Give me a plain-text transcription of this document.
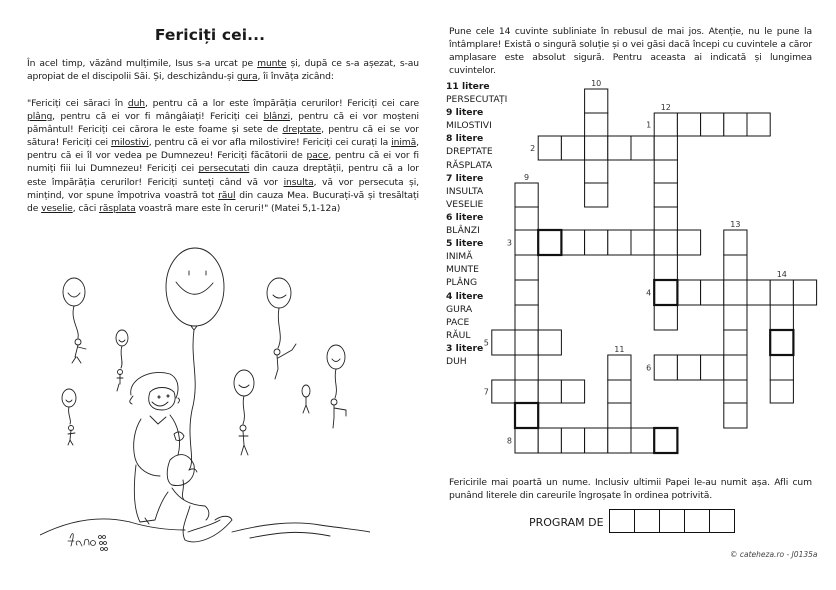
Fericiți cei...
În acel timp, văzând mulțimile, Isus s-a urcat pe munte și, după ce s-a așezat, s-au apropiat de el discipolii Săi. Și, deschizându-și gura, îi învăța zicând:
"Fericiți cei săraci în duh, pentru că a lor este împărăția cerurilor! Fericiți cei care plâng, pentru că ei vor fi mângâiați! Fericiți cei blânzi, pentru că ei vor moșteni pământul! Fericiți cei cărora le este foame și sete de dreptate, pentru că ei se vor sătura! Fericiți cei milostivi, pentru că ei vor afla milostivire! Fericiți cei curați la inimă, pentru că ei îl vor vedea pe Dumnezeu! Fericiți făcătorii de pace, pentru că ei vor fi numiți fiii lui Dumnezeu! Fericiți cei persecutati din cauza dreptății, pentru că a lor este împărăția cerurilor! Fericiți sunteți când vă vor insulta, vă vor persecuta și, mințind, vor spune împotriva voastră tot răul din cauza Mea. Bucurați-vă și tresăltați de veselie, căci răsplata voastră mare este în ceruri!" (Matei 5,1-12a)
Pune cele 14 cuvinte subliniate în rebusul de mai jos. Atenție, nu le pune la întâmplare! Există o singură soluție și o vei găsi dacă începi cu cuvintele a căror amplasare este absolut sigură. Pentru aceasta ai indicată și lungimea cuvintelor.
11 litere
PERSECUTAȚI
9 litere
MILOSTIVI
8 litere
DREPTATE
RĂSPLATA
7 litere
INSULTA
VESELIE
6 litere
BLÂNZI
5 litere
INIMĂ
MUNTE
PLÂNG
4 litere
GURA
PACE
RĂUL
3 litere
DUH
1
2
3
4
5
6
7
8
9
10
11
12
13
14
Fericirile mai poartă un nume. Inclusiv ultimii Papei le-au numit așa. Afli cum punând literele din careurile îngroșate în ordinea potrivită.
PROGRAM DE
© cateheza.ro - J0135a
